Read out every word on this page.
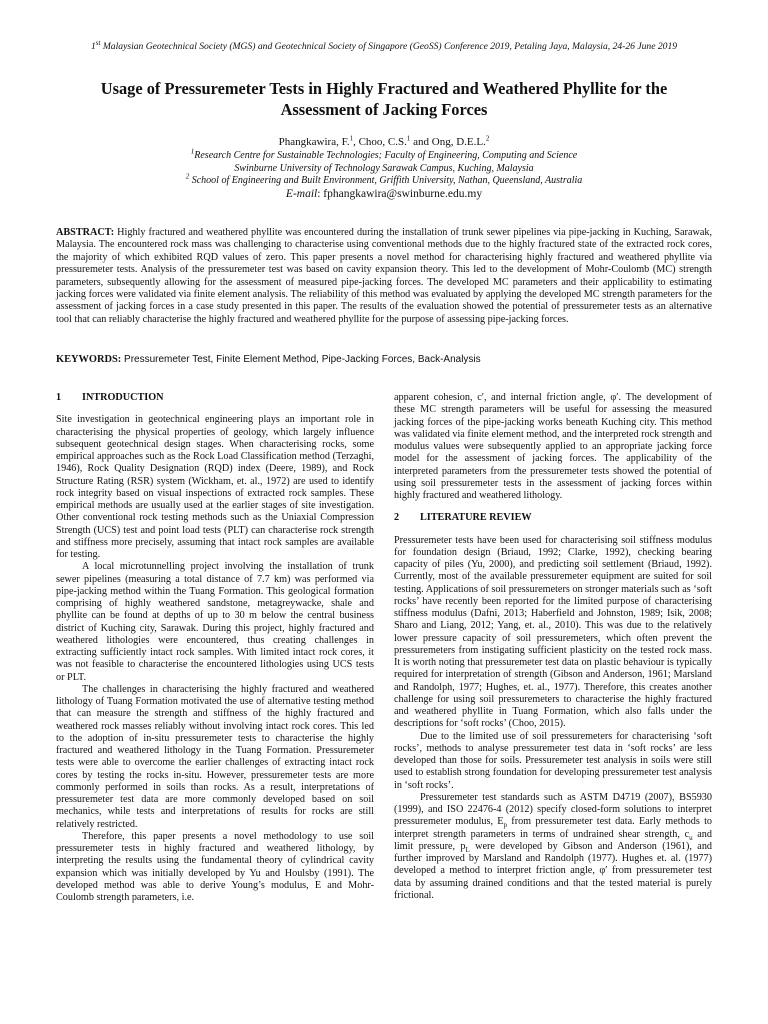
1st Malaysian Geotechnical Society (MGS) and Geotechnical Society of Singapore (GeoSS) Conference 2019, Petaling Jaya, Malaysia, 24-26 June 2019
Usage of Pressuremeter Tests in Highly Fractured and Weathered Phyllite for the
Assessment of Jacking Forces
Phangkawira, F.$^1$, Choo, C.S.$^1$ and Ong, D.E.L.$^2$
$^1$Research Centre for Sustainable Technologies; Faculty of Engineering, Computing and Science
Swinburne University of Technology Sarawak Campus, Kuching, Malaysia
$^2$ School of Engineering and Built Environment, Griffith University, Nathan, Queensland, Australia
E-mail: fphangkawira@swinburne.edu.my
ABSTRACT: Highly fractured and weathered phyllite was encountered during the installation of trunk sewer pipelines via pipe-jacking in Kuching, Sarawak, Malaysia. The encountered rock mass was challenging to characterise using conventional methods due to the highly fractured state of the extracted rock cores, the majority of which exhibited RQD values of zero. This paper presents a novel method for characterising highly fractured and weathered phyllite via pressuremeter tests. Analysis of the pressuremeter test was based on cavity expansion theory. This led to the development of Mohr-Coulomb (MC) strength parameters, subsequently allowing for the assessment of measured pipe-jacking forces. The developed MC parameters and their applicability to estimating jacking forces were validated via finite element analysis. The reliability of this method was evaluated by applying the developed MC strength parameters for the assessment of jacking forces in a case study presented in this paper. The results of the evaluation showed the potential of pressuremeter tests as an alternative tool that can reliably characterise the highly fractured and weathered phyllite for the purpose of assessing pipe-jacking forces.
KEYWORDS: Pressuremeter Test, Finite Element Method, Pipe-Jacking Forces, Back-Analysis
1	INTRODUCTION

Site investigation in geotechnical engineering plays an important role in characterising the physical properties of geology, which largely influence subsequent geotechnical design stages. When characterising rocks, some empirical approaches such as the Rock Load Classification method (Terzaghi, 1946), Rock Quality Designation (RQD) index (Deere, 1989), and Rock Structure Rating (RSR) system (Wickham, et. al., 1972) are used to identify rock integrity based on visual inspections of extracted rock samples. These empirical methods are usually used at the earlier stages of site investigation. Other conventional rock testing methods such as the Uniaxial Compression Strength (UCS) test and point load tests (PLT) can characterise rock strength and stiffness more precisely, assuming that intact rock samples are available for testing.

A local microtunnelling project involving the installation of trunk sewer pipelines (measuring a total distance of 7.7 km) was performed via pipe-jacking method within the Tuang Formation. This geological formation comprising of highly weathered sandstone, metagreywacke, shale and phyllite can be found at depths of up to 30 m below the central business district of Kuching city, Sarawak. During this project, highly fractured and weathered lithologies were encountered, thus creating challenges in extracting sufficiently intact rock samples. With limited intact rock cores, it was not feasible to characterise the encountered lithologies using UCS tests or PLT.

The challenges in characterising the highly fractured and weathered lithology of Tuang Formation motivated the use of alternative testing method that can measure the strength and stiffness of the highly fractured and weathered rock masses reliably without involving intact rock cores. This led to the adoption of in-situ pressuremeter tests to characterise the highly fractured and weathered lithology in the Tuang Formation. Pressuremeter tests were able to overcome the earlier challenges of extracting intact rock cores by testing the rocks in-situ. However, pressuremeter tests are more commonly performed in soils than rocks. As a result, interpretations of pressuremeter test data are more commonly developed based on soil mechanics, while tests and interpretations of results for rocks are still relatively restricted.

Therefore, this paper presents a novel methodology to use soil pressuremeter tests in highly fractured and weathered lithology, by interpreting the results using the fundamental theory of cylindrical cavity expansion which was initially developed by Yu and Houlsby (1991). The developed method was able to derive Young’s modulus, E and Mohr-Coulomb strength parameters, i.e.

apparent cohesion, c′, and internal friction angle, φ′. The development of these MC strength parameters will be useful for assessing the measured jacking forces of the pipe-jacking works beneath Kuching city. This method was validated via finite element method, and the interpreted rock strength and modulus values were subsequently applied to an appropriate jacking force model for the assessment of jacking forces. The applicability of the interpreted parameters from the pressuremeter tests showed the potential of using soil pressuremeter tests in the assessment of jacking forces within highly fractured and weathered lithology.

2	LITERATURE REVIEW

Pressuremeter tests have been used for characterising soil stiffness modulus for foundation design (Briaud, 1992; Clarke, 1992), checking bearing capacity of piles (Yu, 2000), and predicting soil settlement (Briaud, 1992). Currently, most of the available pressuremeter equipment are suited for soil testing. Applications of soil pressuremeters on stronger materials such as ‘soft rocks’ have recently been reported for the limited purpose of characterising stiffness modulus (Dafni, 2013; Haberfield and Johnston, 1989; Isik, 2008; Sharo and Liang, 2012; Yang, et. al., 2010). This was due to the relatively lower pressure capacity of soil pressuremeters, which often prevent the pressuremeters from instigating sufficient plasticity on the tested rock mass. It is worth noting that pressuremeter test data on plastic behaviour is typically required for interpretation of strength (Gibson and Anderson, 1961; Marsland and Randolph, 1977; Hughes, et. al., 1977). Therefore, this creates another challenge for using soil pressuremeters to characterise the highly fractured and weathered phyllite in Tuang Formation, which also falls under the descriptions for ‘soft rocks’ (Choo, 2015).

Due to the limited use of soil pressuremeters for characterising ‘soft rocks’, methods to analyse pressuremeter test data in ‘soft rocks’ are less developed than those for soils. Pressuremeter test analysis in soils were still used to establish strong foundation for developing pressuremeter test analysis in ‘soft rocks’.

Pressuremeter test standards such as ASTM D4719 (2007), BS5930 (1999), and ISO 22476-4 (2012) specify closed-form solutions to interpret pressuremeter modulus, $E_p$ from pressuremeter test data. Early methods to interpret strength parameters in terms of undrained shear strength, $c_u$ and limit pressure, $p_L$ were developed by Gibson and Anderson (1961), and further improved by Marsland and Randolph (1977). Hughes et. al. (1977) developed a method to interpret friction angle, φ′ from pressuremeter test data by assuming drained conditions and that the tested material is purely frictional.
